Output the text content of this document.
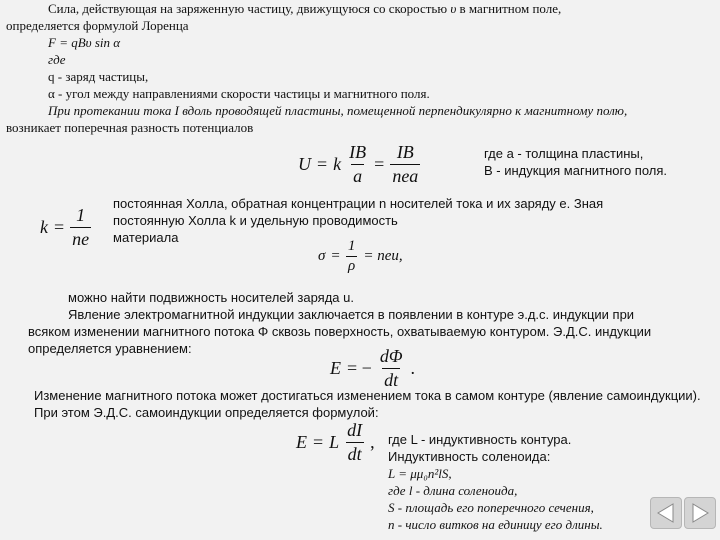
Сила, действующая на заряженную частицу, движущуюся со скоростью υ в магнитном поле,
определяется формулой Лоренца
F = qBυ sin α
где
q - заряд частицы,
α - угол между направлениями скорости частицы и магнитного поля.
При протекании тока I вдоль проводящей пластины, помещенной перпендикулярно к магнитному полю,
возникает поперечная разность потенциалов
U = k $\frac{IB}{a} = \frac{IB}{\text{nea}}$	где a - толщина пластины,
B - индукция магнитного поля.
$k = \frac{1}{ne}$
постоянная Холла, обратная концентрации n носителей тока и их заряду e. Зная
постоянную Холла k и удельную проводимость
материала
$\sigma = \frac{1}{\rho}$ = neu,
можно найти подвижность носителей заряда u.
Явление электромагнитной индукции заключается в появлении в контуре э.д.с. индукции при
всяком изменении магнитного потока Φ сквозь поверхность, охватываемую контуром. Э.Д.С. индукции
определяется уравнением:
E = − $\frac{d\Phi}{dt}$ .
Изменение магнитного потока может достигаться изменением тока в самом контуре (явление самоиндукции).
При этом Э.Д.С. самоиндукции определяется формулой:
E = L $\frac{dI}{dt}$ , где L - индуктивность контура.
Индуктивность соленоида:
L = μμ₀n²lS,
где l - длина соленоида,
S - площадь его поперечного сечения,
n - число витков на единицу его длины.
